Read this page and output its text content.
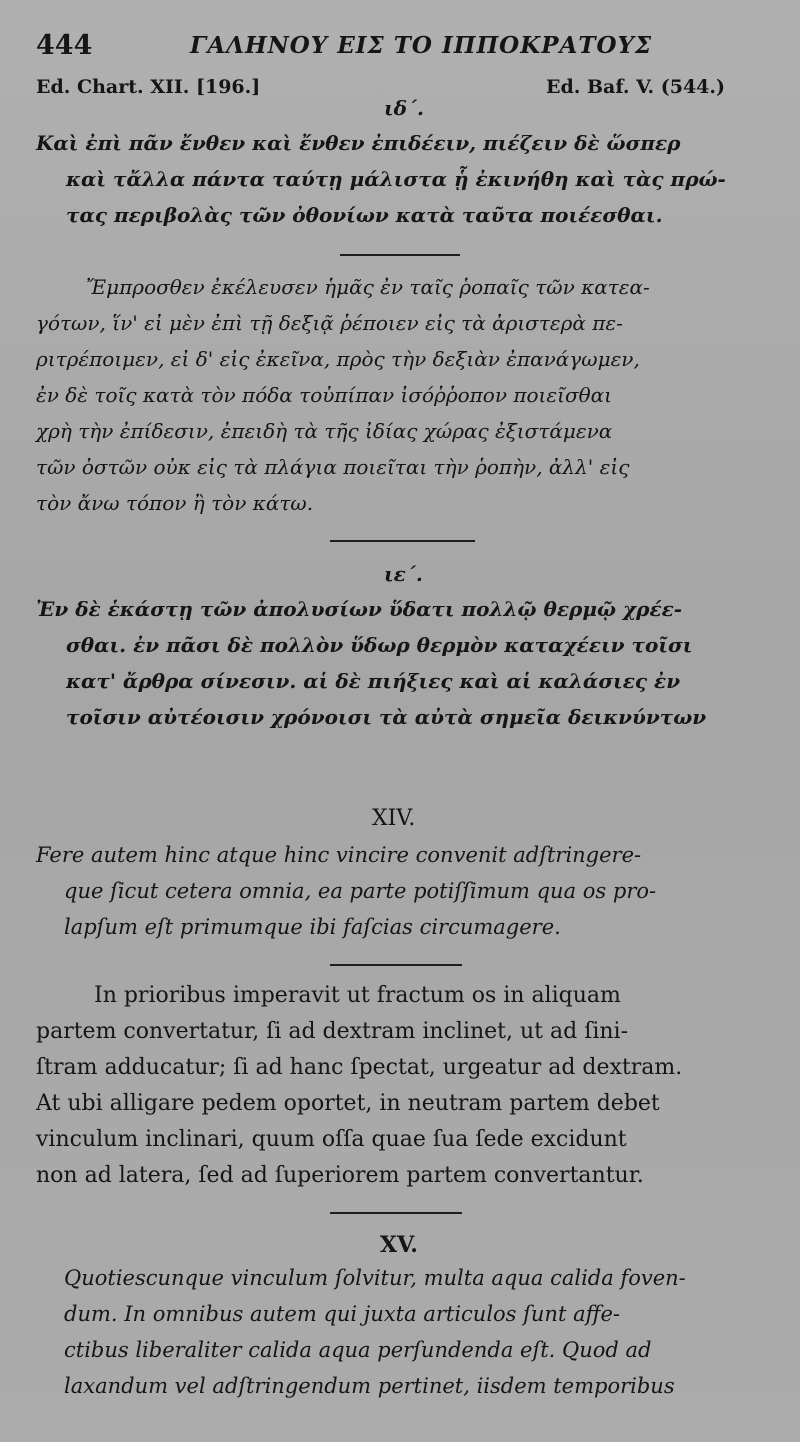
444	ΓΑΛΗΝΟΥ ΕΙΣ ΤΟ ΙΠΠΟΚΡΑΤΟΥΣ
Ed. Chart. XII. [196.]	Ed. Baf. V. (544.)
ιδ΄.
Καὶ ἐπὶ πᾶν ἔνθεν καὶ ἔνθεν ἐπιδέειν, πιέζειν δὲ ὥσπερ
καὶ τἄλλα πάντα ταύτῃ μάλιστα ᾗ ἐκινήθη καὶ τὰς πρώ-
τας περιβολὰς τῶν ὀθονίων κατὰ ταῦτα ποιέεσθαι.
Ἔμπροσθεν ἐκέλευσεν ἡμᾶς ἐν ταῖς ῥοπαῖς τῶν κατεα-
γότων, ἵν' εἰ μὲν ἐπὶ τῇ δεξιᾷ ῥέποιεν εἰς τὰ ἀριστερὰ πε-
ριτρέποιμεν, εἰ δ' εἰς ἐκεῖνα, πρὸς τὴν δεξιὰν ἐπανάγωμεν,
ἐν δὲ τοῖς κατὰ τὸν πόδα τοὐπίπαν ἰσόῤῥοπον ποιεῖσθαι
χρὴ τὴν ἐπίδεσιν, ἐπειδὴ τὰ τῆς ἰδίας χώρας ἐξιστάμενα
τῶν ὀστῶν οὐκ εἰς τὰ πλάγια ποιεῖται τὴν ῥοπὴν, ἀλλ' εἰς
τὸν ἄνω τόπον ἢ τὸν κάτω.
ιε΄.
Ἐν δὲ ἑκάστῃ τῶν ἀπολυσίων ὕδατι πολλῷ θερμῷ χρέε-
σθαι. ἐν πᾶσι δὲ πολλὸν ὕδωρ θερμὸν καταχέειν τοῖσι
κατ' ἄρθρα σίνεσιν. αἱ δὲ πιήξιες καὶ αἱ καλάσιες ἐν
τοῖσιν αὐτέοισιν χρόνοισι τὰ αὐτὰ σημεῖα δεικνύντων
XIV.
Fere autem hinc atque hinc vincire convenit adſtringere-
que ſicut cetera omnia, ea parte potiſſimum qua os pro-
lapſum eſt primumque ibi faſcias circumagere.
In prioribus imperavit ut fractum os in aliquam
partem convertatur, ſi ad dextram inclinet, ut ad ſini-
ſtram adducatur; ſi ad hanc ſpectat, urgeatur ad dextram.
At ubi alligare pedem oportet, in neutram partem debet
vinculum inclinari, quum oſſa quae ſua ſede excidunt
non ad latera, ſed ad ſuperiorem partem convertantur.
XV.
Quotiescunque vinculum ſolvitur, multa aqua calida foven-
dum. In omnibus autem qui juxta articulos ſunt affe-
ctibus liberaliter calida aqua perſundenda eſt. Quod ad
laxandum vel adſtringendum pertinet, iisdem temporibus
